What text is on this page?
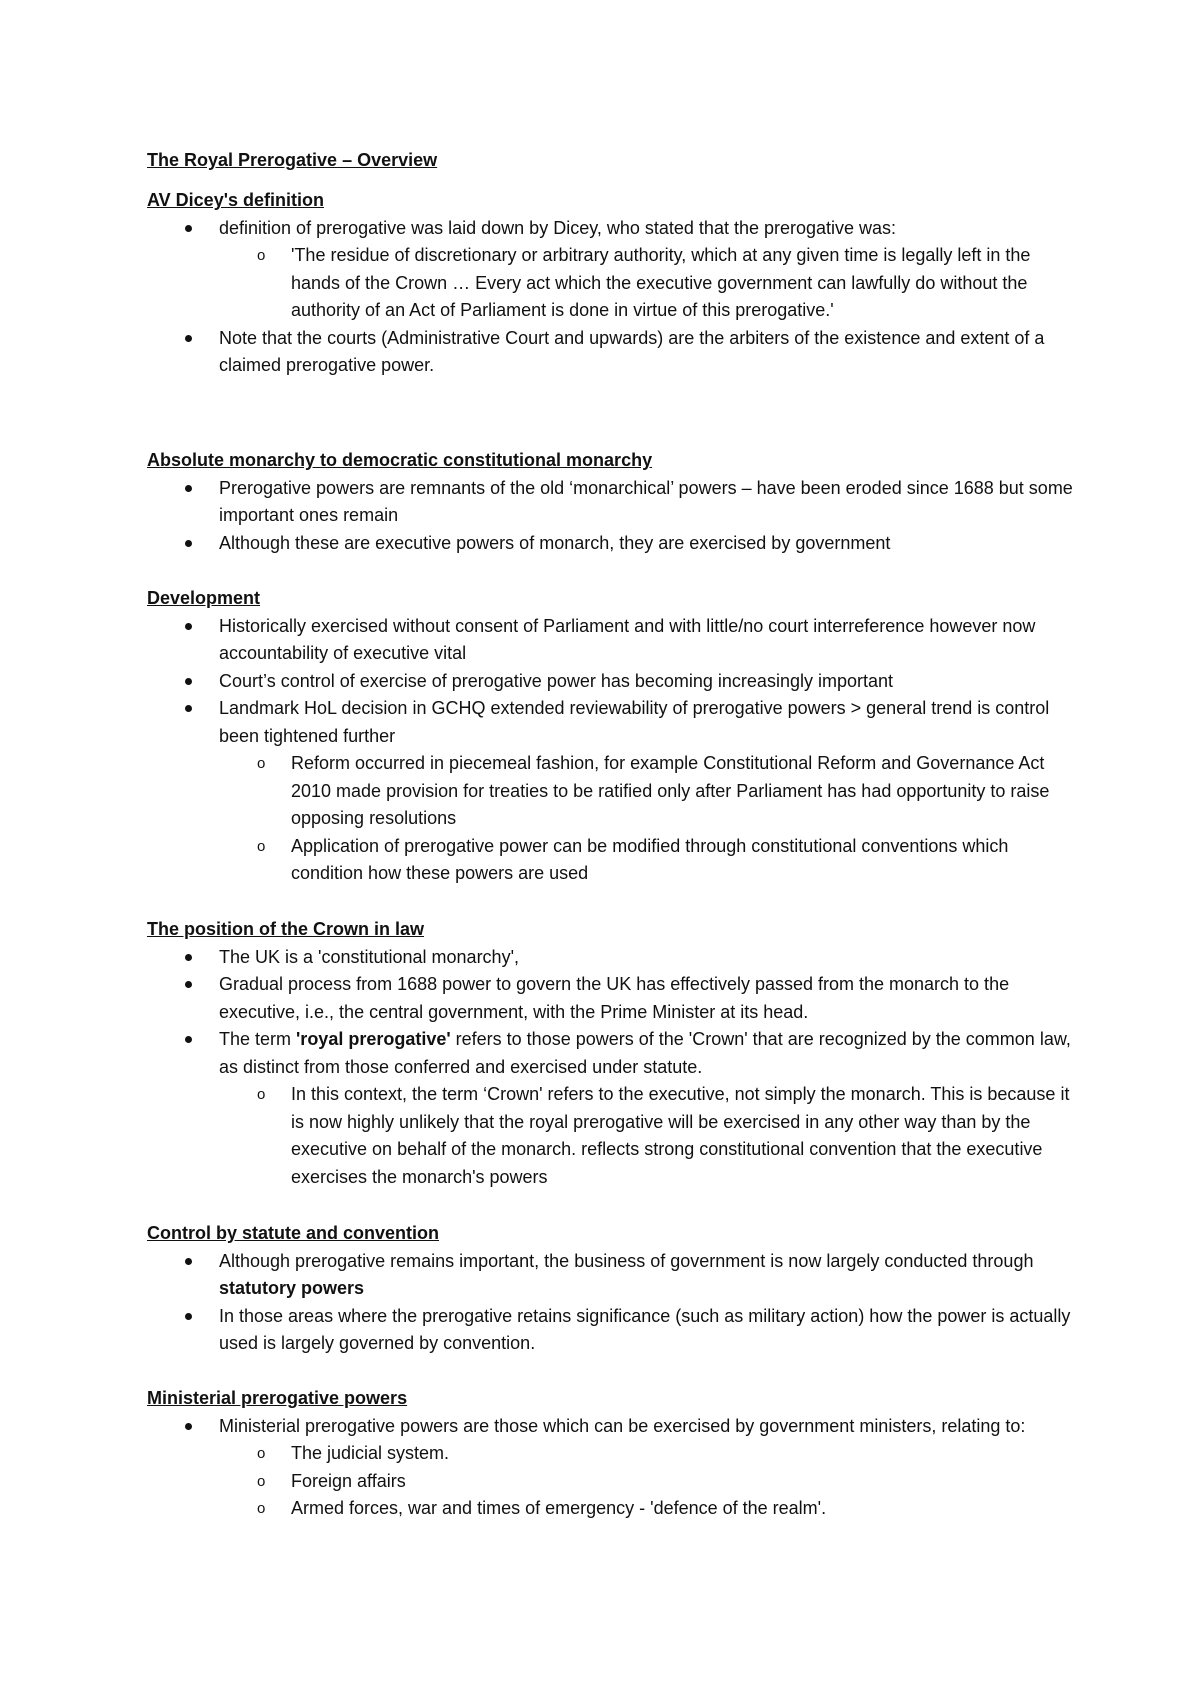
The Royal Prerogative – Overview
AV Dicey's definition
definition of prerogative was laid down by Dicey, who stated that the prerogative was:
o 'The residue of discretionary or arbitrary authority, which at any given time is legally left in the hands of the Crown … Every act which the executive government can lawfully do without the authority of an Act of Parliament is done in virtue of this prerogative.'
Note that the courts (Administrative Court and upwards) are the arbiters of the existence and extent of a claimed prerogative power.
Absolute monarchy to democratic constitutional monarchy
Prerogative powers are remnants of the old ‘monarchical’ powers – have been eroded since 1688 but some important ones remain
Although these are executive powers of monarch, they are exercised by government
Development
Historically exercised without consent of Parliament and with little/no court interreference however now accountability of executive vital
Court’s control of exercise of prerogative power has becoming increasingly important
Landmark HoL decision in GCHQ extended reviewability of prerogative powers > general trend is control been tightened further
o Reform occurred in piecemeal fashion, for example Constitutional Reform and Governance Act 2010 made provision for treaties to be ratified only after Parliament has had opportunity to raise opposing resolutions
o Application of prerogative power can be modified through constitutional conventions which condition how these powers are used
The position of the Crown in law
The UK is a 'constitutional monarchy',
Gradual process from 1688 power to govern the UK has effectively passed from the monarch to the executive, i.e., the central government, with the Prime Minister at its head.
The term 'royal prerogative' refers to those powers of the 'Crown' that are recognized by the common law, as distinct from those conferred and exercised under statute.
o In this context, the term ‘Crown' refers to the executive, not simply the monarch. This is because it is now highly unlikely that the royal prerogative will be exercised in any other way than by the executive on behalf of the monarch. reflects strong constitutional convention that the executive exercises the monarch's powers
Control by statute and convention
Although prerogative remains important, the business of government is now largely conducted through statutory powers
In those areas where the prerogative retains significance (such as military action) how the power is actually used is largely governed by convention.
Ministerial prerogative powers
Ministerial prerogative powers are those which can be exercised by government ministers, relating to:
o The judicial system.
o Foreign affairs
o Armed forces, war and times of emergency - 'defence of the realm'.
